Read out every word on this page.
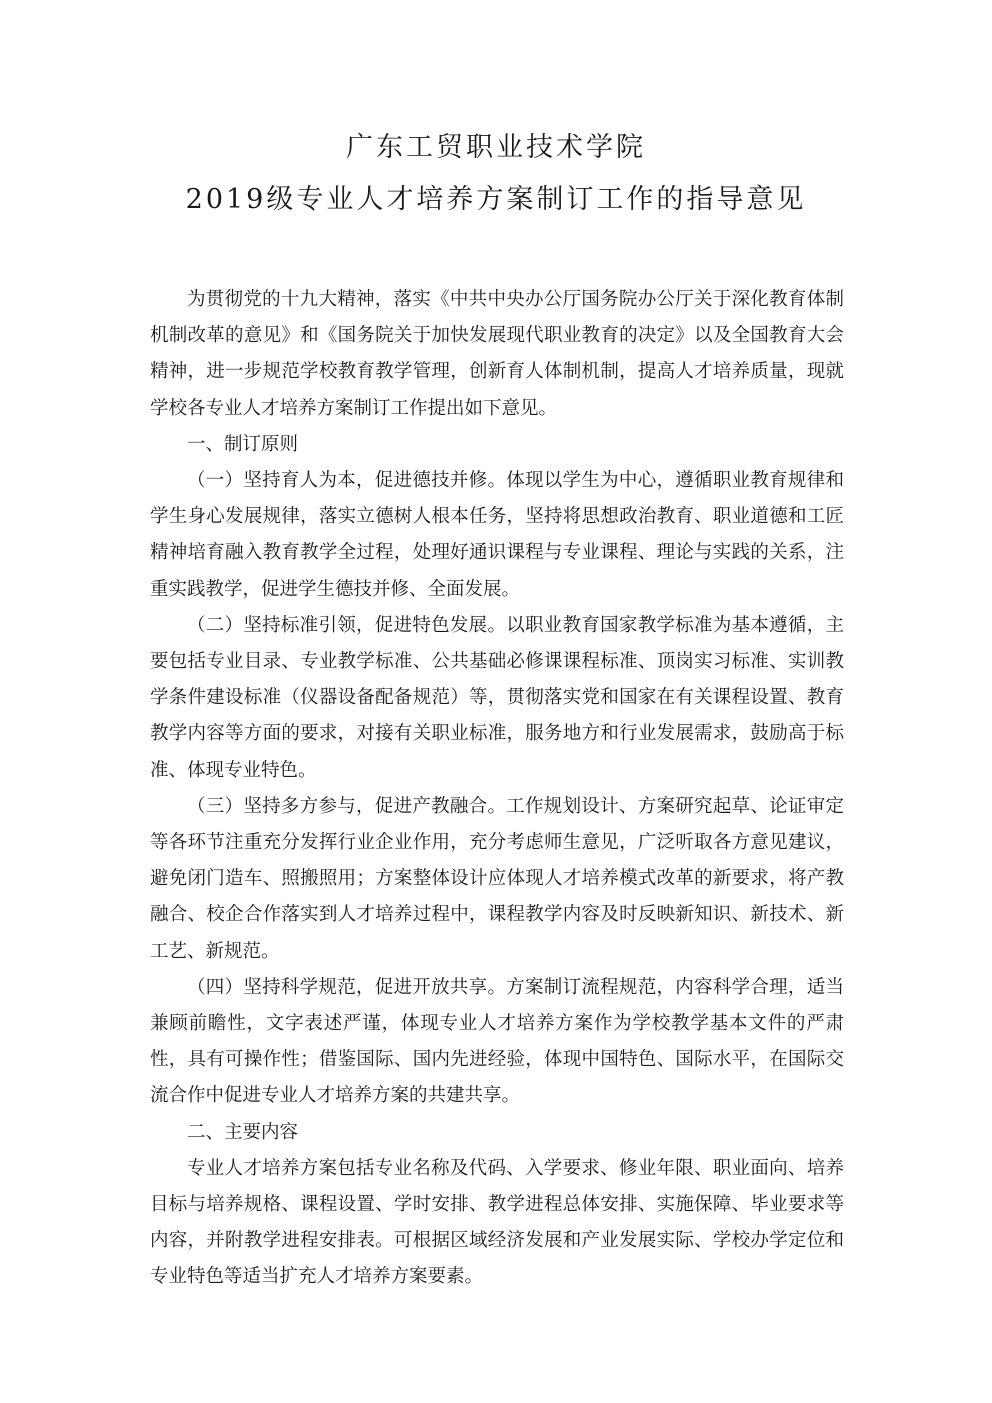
广东工贸职业技术学院
2019级专业人才培养方案制订工作的指导意见

为贯彻党的十九大精神，落实《中共中央办公厅国务院办公厅关于深化教育体制机制改革的意见》和《国务院关于加快发展现代职业教育的决定》以及全国教育大会精神，进一步规范学校教育教学管理，创新育人体制机制，提高人才培养质量，现就学校各专业人才培养方案制订工作提出如下意见。

一、制订原则

（一）坚持育人为本，促进德技并修。体现以学生为中心，遵循职业教育规律和学生身心发展规律，落实立德树人根本任务，坚持将思想政治教育、职业道德和工匠精神培育融入教育教学全过程，处理好通识课程与专业课程、理论与实践的关系，注重实践教学，促进学生德技并修、全面发展。

（二）坚持标准引领，促进特色发展。以职业教育国家教学标准为基本遵循，主要包括专业目录、专业教学标准、公共基础必修课课程标准、顶岗实习标准、实训教学条件建设标准（仪器设备配备规范）等，贯彻落实党和国家在有关课程设置、教育教学内容等方面的要求，对接有关职业标准，服务地方和行业发展需求，鼓励高于标准、体现专业特色。

（三）坚持多方参与，促进产教融合。工作规划设计、方案研究起草、论证审定等各环节注重充分发挥行业企业作用，充分考虑师生意见，广泛听取各方意见建议，避免闭门造车、照搬照用；方案整体设计应体现人才培养模式改革的新要求，将产教融合、校企合作落实到人才培养过程中，课程教学内容及时反映新知识、新技术、新工艺、新规范。

（四）坚持科学规范，促进开放共享。方案制订流程规范，内容科学合理，适当兼顾前瞻性，文字表述严谨，体现专业人才培养方案作为学校教学基本文件的严肃性，具有可操作性；借鉴国际、国内先进经验，体现中国特色、国际水平，在国际交流合作中促进专业人才培养方案的共建共享。

二、主要内容

专业人才培养方案包括专业名称及代码、入学要求、修业年限、职业面向、培养目标与培养规格、课程设置、学时安排、教学进程总体安排、实施保障、毕业要求等内容，并附教学进程安排表。可根据区域经济发展和产业发展实际、学校办学定位和专业特色等适当扩充人才培养方案要素。
